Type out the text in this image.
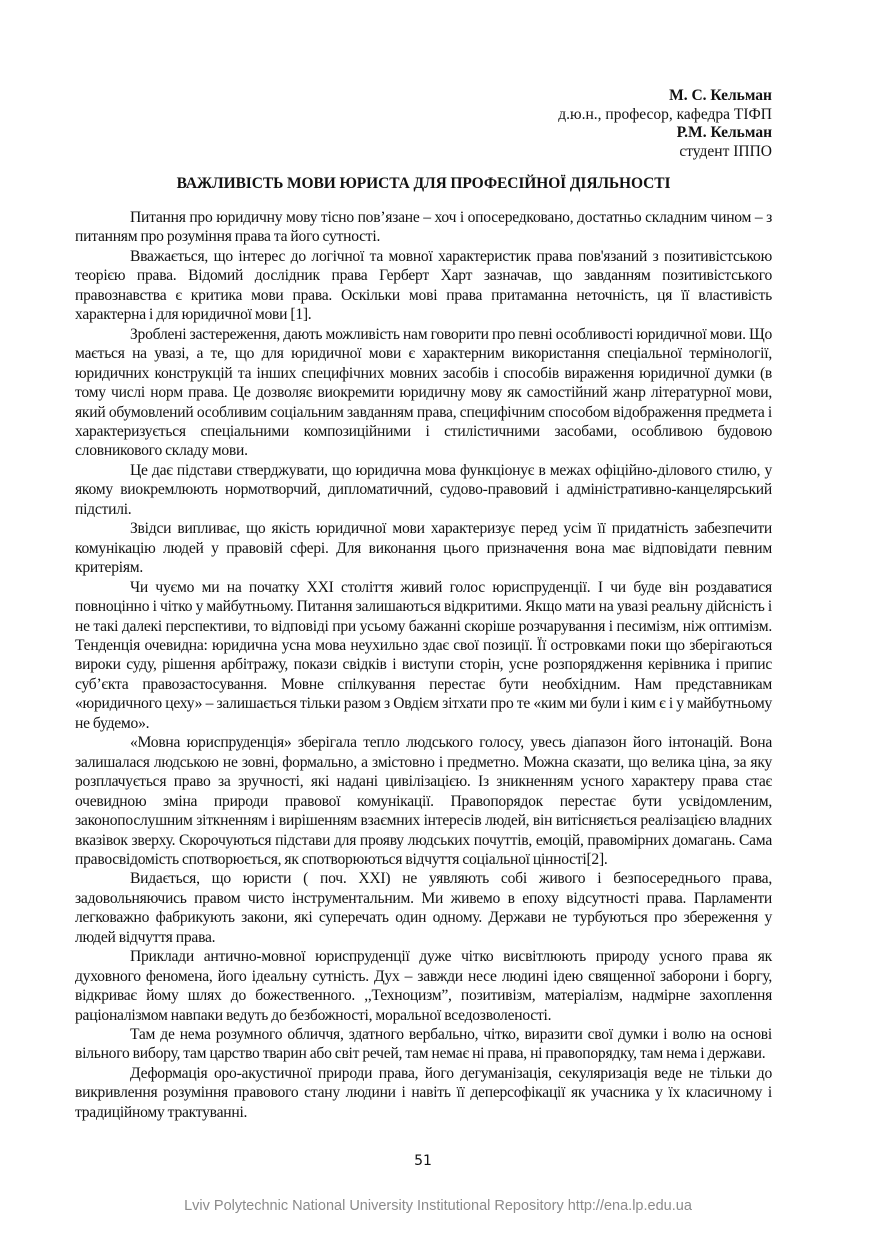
М. С. Кельман
д.ю.н., професор, кафедра ТІФП
Р.М. Кельман
студент ІППО
ВАЖЛИВІСТЬ МОВИ ЮРИСТА ДЛЯ ПРОФЕСІЙНОЇ ДІЯЛЬНОСТІ

Питання про юридичну мову тісно пов’язане – хоч і опосередковано, достатньо складним чином – з питанням про розуміння права та його сутності.

Вважається, що інтерес до логічної та мовної характеристик права пов'язаний з позитивістською теорією права. Відомий дослідник права Герберт Харт зазначав, що завданням позитивістського правознавства є критика мови права. Оскільки мові права притаманна неточність, ця її властивість характерна і для юридичної мови [1].

Зроблені застереження, дають можливість нам говорити про певні особливості юридичної мови. Що мається на увазі, а те, що для юридичної мови є характерним використання спеціальної термінології, юридичних конструкцій та інших специфічних мовних засобів і способів вираження юридичної думки (в тому числі норм права. Це дозволяє виокремити юридичну мову як самостійний жанр літературної мови, який обумовлений особливим соціальним завданням права, специфічним способом відображення предмета і характеризується спеціальними композиційними і стилістичними засобами, особливою будовою словникового складу мови.

Це дає підстави стверджувати, що юридична мова функціонує в межах офіційно-ділового стилю, у якому виокремлюють нормотворчий, дипломатичний, судово-правовий і адміністративно-канцелярський підстилі.

Звідси випливає, що якість юридичної мови характеризує перед усім її придатність забезпечити комунікацію людей у правовій сфері. Для виконання цього призначення вона має відповідати певним критеріям.

Чи чуємо ми на початку XXI століття живий голос юриспруденції. І чи буде він роздаватися повноцінно і чітко у майбутньому. Питання залишаються відкритими. Якщо мати на увазі реальну дійсність і не такі далекі перспективи, то відповіді при усьому бажанні скоріше розчарування і песимізм, ніж оптимізм. Тенденція очевидна: юридична усна мова неухильно здає свої позиції. Її островками поки що зберігаються вироки суду, рішення арбітражу, покази свідків і виступи сторін, усне розпорядження керівника і припис суб’єкта правозастосування. Мовне спілкування перестає бути необхідним. Нам представникам «юридичного цеху» – залишається тільки разом з Овдієм зітхати про те «ким ми були і ким є і у майбутньому не будемо».

«Мовна юриспруденція» зберігала тепло людського голосу, увесь діапазон його інтонацій. Вона залишалася людською не зовні, формально, а змістовно і предметно. Можна сказати, що велика ціна, за яку розплачується право за зручності, які надані цивілізацією. Із зникненням усного характеру права стає очевидною зміна природи правової комунікації. Правопорядок перестає бути усвідомленим, законопослушним зіткненням і вирішенням взаємних інтересів людей, він витісняється реалізацією владних вказівок зверху. Скорочуються підстави для прояву людських почуттів, емоцій, правомірних домагань. Сама правосвідомість спотворюється, як спотворюються відчуття соціальної цінності[2].

Видається, що юристи ( поч. XXI) не уявляють собі живого і безпосереднього права, задовольняючись правом чисто інструментальним. Ми живемо в епоху відсутності права. Парламенти легковажно фабрикують закони, які суперечать один одному. Держави не турбуються про збереження у людей відчуття права.

Приклади антично-мовної юриспруденції дуже чітко висвітлюють природу усного права як духовного феномена, його ідеальну сутність. Дух – завжди несе людині ідею священної заборони і боргу, відкриває йому шлях до божественного. ,,Техноцизм”, позитивізм, матеріалізм, надмірне захоплення раціоналізмом навпаки ведуть до безбожності, моральної вседозволеності.

Там де нема розумного обличчя, здатного вербально, чітко, виразити свої думки і волю на основі вільного вибору, там царство тварин або світ речей, там немає ні права, ні правопорядку, там нема і держави.

Деформація оро-акустичної природи права, його дегуманізація, секуляризація веде не тільки до викривлення розуміння правового стану людини і навіть її деперсофікації як учасника у їх класичному і традиційному трактуванні.

51
Lviv Polytechnic National University Institutional Repository http://ena.lp.edu.ua
